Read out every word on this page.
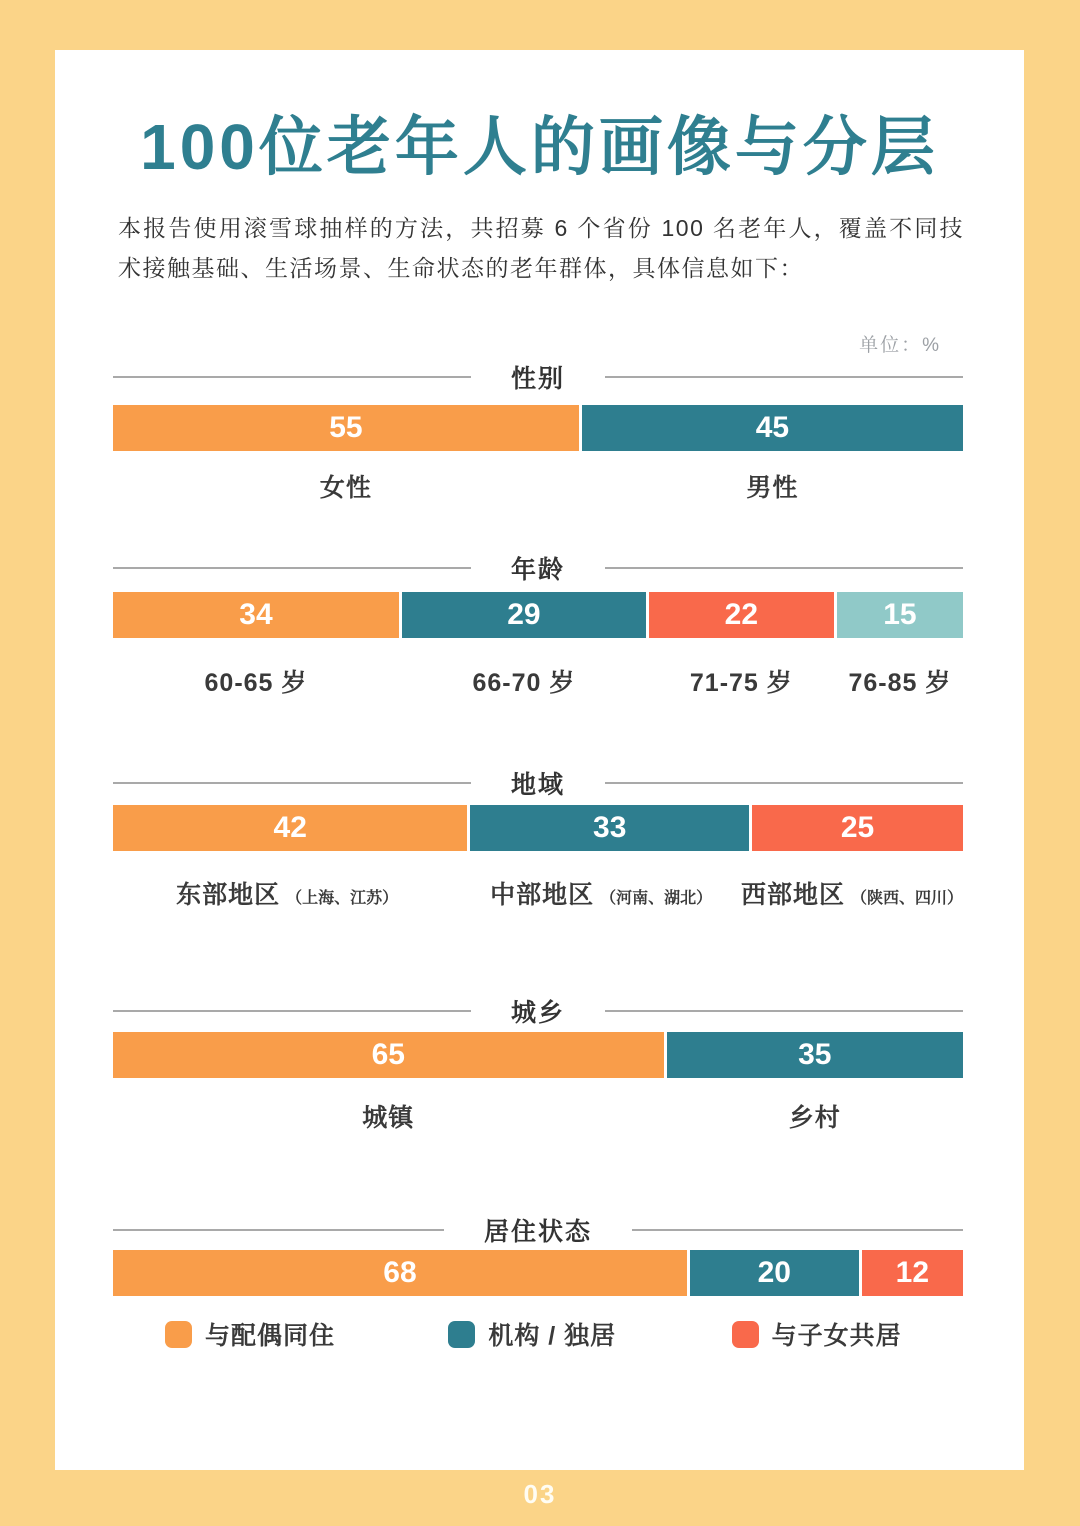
100位老年人的画像与分层
本报告使用滚雪球抽样的方法，共招募 6 个省份 100 名老年人，覆盖不同技术接触基础、生活场景、生命状态的老年群体，具体信息如下：
单位：%
性别
55	45
女性	男性
年龄
34	29	22	15
60-65 岁	66-70 岁	71-75 岁 76-85 岁
地域
42	33	25
东部地区 （上海、江苏）	中部地区 （河南、湖北） 西部地区 （陕西、四川）
城乡
65	35
城镇	乡村
居住状态
68	20	12
与配偶同住	机构 / 独居	与子女共居
03
